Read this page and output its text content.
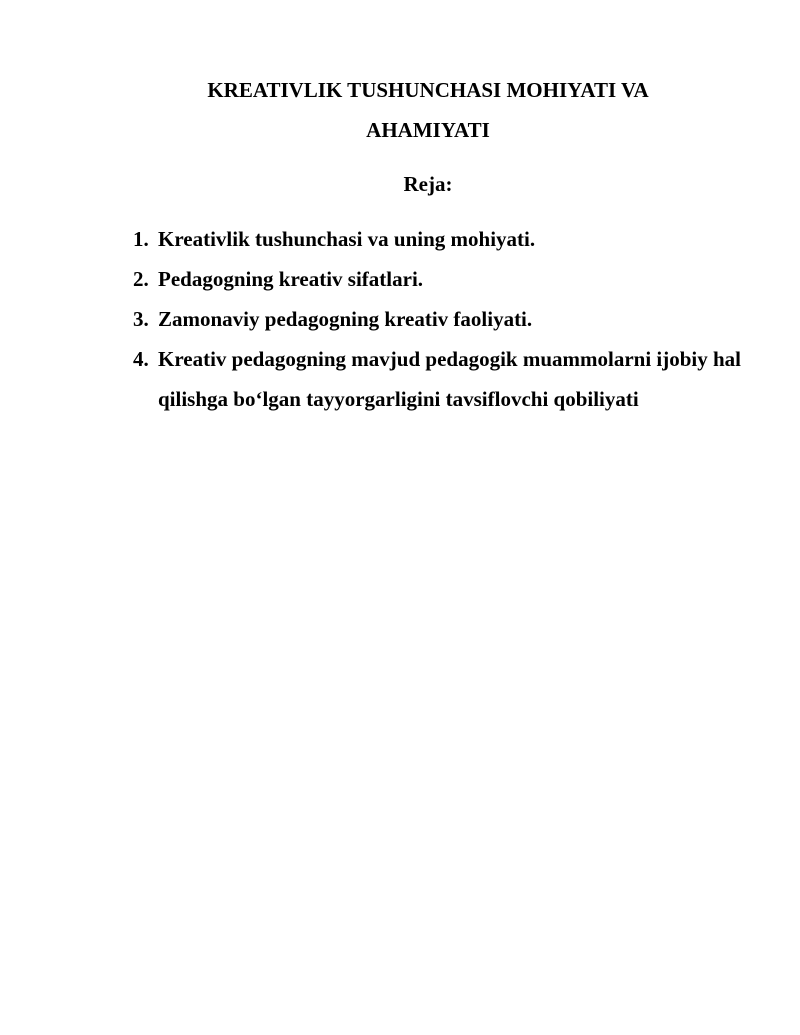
KREATIVLIK TUSHUNCHASI MOHIYATI VA
AHAMIYATI
Reja:
1. Kreativlik tushunchasi va uning mohiyati.
2. Pedagogning kreativ sifatlari.
3. Zamonaviy pedagogning kreativ faoliyati.
4. Kreativ pedagogning mavjud pedagogik muammolarni ijobiy hal qilishga boʻlgan tayyorgarligini tavsiflovchi qobiliyati
